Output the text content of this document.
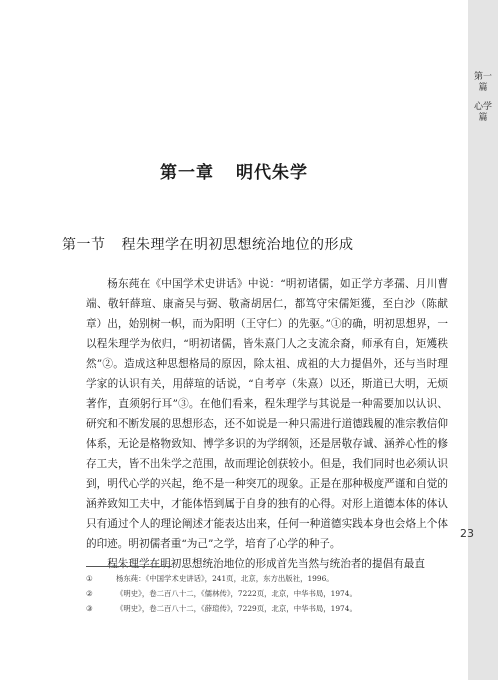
第一篇
心学篇
第一章 明代朱学
第一节 程朱理学在明初思想统治地位的形成

杨东莼在《中国学术史讲话》中说：“明初诸儒，如正学方孝孺、月川曹端、敬轩薛瑄、康斋吴与弼、敬斋胡居仁，都笃守宋儒矩獲，至白沙（陈献章）出，始别树一帜，而为阳明（王守仁）的先驱。”①的确，明初思想界，一以程朱理学为依归，“明初诸儒，皆朱熹门人之支流余裔，师承有自，矩矱秩然”②。造成这种思想格局的原因，除太祖、成祖的大力提倡外，还与当时理学家的认识有关，用薛瑄的话说，“自考亭（朱熹）以还，斯道已大明，无烦著作，直须躬行耳”③。在他们看来，程朱理学与其说是一种需要加以认识、研究和不断发展的思想形态，还不如说是一种只需进行道德践履的准宗教信仰体系，无论是格物致知、博学多识的为学纲领，还是居敬存诚、涵养心性的修存工夫，皆不出朱学之范围，故而理论创获较小。但是，我们同时也必须认识到，明代心学的兴起，绝不是一种突兀的现象。正是在那种极度严谨和自觉的涵养致知工夫中，才能体悟到属于自身的独有的心得。对形上道德本体的体认只有通过个人的理论阐述才能表达出来，任何一种道德实践本身也会烙上个体的印迹。明初儒者重“为己”之学，培育了心学的种子。

程朱理学在明初思想统治地位的形成首先当然与统治者的提倡有最直

23
①	杨东莼：《中国学术史讲话》，241页，北京，东方出版社，1996。
②	《明史》，卷二百八十二，《儒林传》，7222页，北京，中华书局，1974。
③	《明史》，卷二百八十二，《薛瑄传》，7229页，北京，中华书局，1974。
